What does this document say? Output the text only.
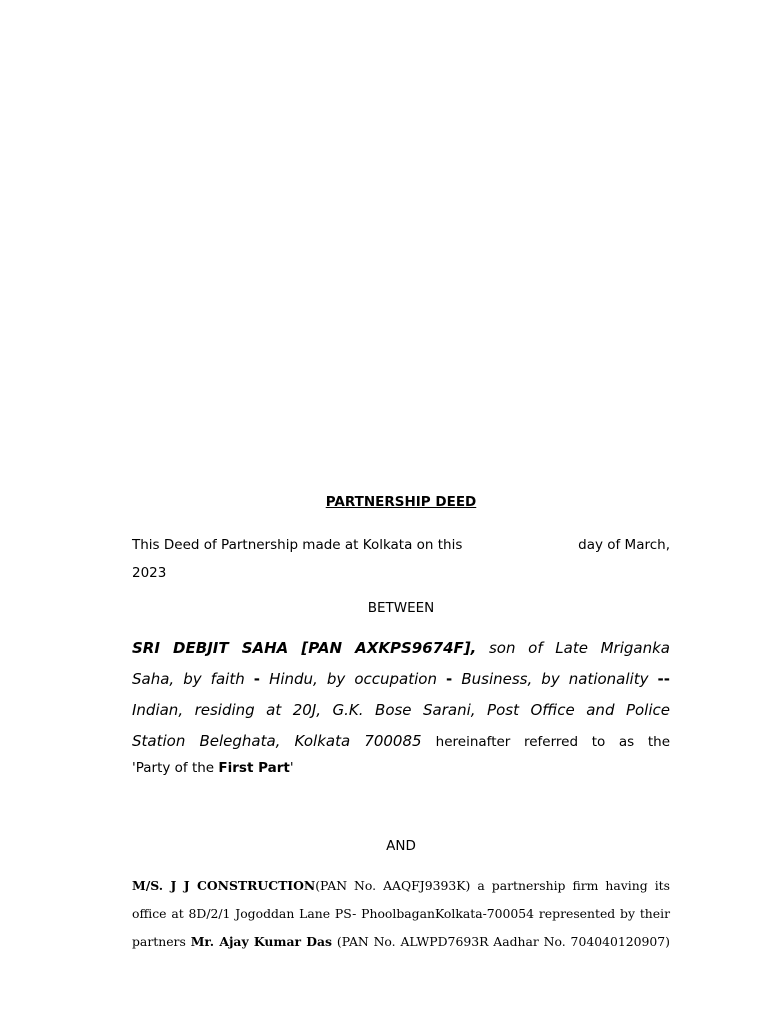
PARTNERSHIP DEED
This Deed of Partnership made at Kolkata on this	day of March,
2023
BETWEEN
SRI DEBJIT SAHA [PAN AXKPS9674F], son of Late Mriganka
Saha, by faith - Hindu, by occupation - Business, by nationality --
Indian, residing at 20J, G.K. Bose Sarani, Post Office and Police
Station Beleghata, Kolkata 700085 hereinafter referred to as the
'Party of the First Part'
AND
M/S. J J CONSTRUCTION(PAN No. AAQFJ9393K) a partnership firm having its
office at 8D/2/1 Jogoddan Lane PS- PhoolbaganKolkata-700054 represented by their
partners Mr. Ajay Kumar Das (PAN No. ALWPD7693R Aadhar No. 704040120907)
